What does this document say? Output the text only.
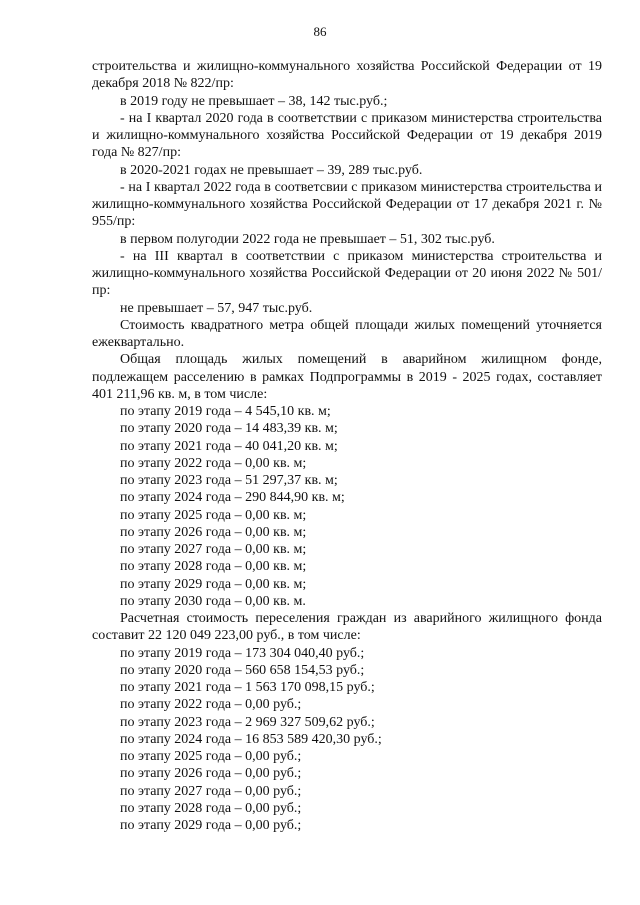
86

строительства и жилищно-коммунального хозяйства Российской Федерации от 19 декабря 2018 № 822/пр:

в 2019 году не превышает – 38, 142 тыс.руб.;

- на I квартал 2020 года в соответствии с приказом министерства строительства и жилищно-коммунального хозяйства Российской Федерации от 19 декабря 2019 года № 827/пр:

в 2020-2021 годах не превышает – 39, 289 тыс.руб.

- на I квартал 2022 года в соответсвии с приказом министерства строительства и жилищно-коммунального хозяйства Российской Федерации от 17 декабря 2021 г. № 955/пр:

в первом полугодии 2022 года не превышает – 51, 302 тыс.руб.

- на III квартал в соответствии с приказом министерства строительства и жилищно-коммунального хозяйства Российской Федерации от 20 июня 2022 № 501/пр:

не превышает – 57, 947 тыс.руб.

Стоимость квадратного метра общей площади жилых помещений уточняется ежеквартально.

Общая площадь жилых помещений в аварийном жилищном фонде, подлежащем расселению в рамках Подпрограммы в 2019 - 2025 годах, составляет 401 211,96 кв. м, в том числе:

по этапу 2019 года – 4 545,10 кв. м;

по этапу 2020 года – 14 483,39 кв. м;

по этапу 2021 года – 40 041,20 кв. м;

по этапу 2022 года – 0,00 кв. м;

по этапу 2023 года – 51 297,37 кв. м;

по этапу 2024 года – 290 844,90 кв. м;

по этапу 2025 года – 0,00 кв. м;

по этапу 2026 года – 0,00 кв. м;

по этапу 2027 года – 0,00 кв. м;

по этапу 2028 года – 0,00 кв. м;

по этапу 2029 года – 0,00 кв. м;

по этапу 2030 года – 0,00 кв. м.

Расчетная стоимость переселения граждан из аварийного жилищного фонда составит 22 120 049 223,00 руб., в том числе:

по этапу 2019 года – 173 304 040,40 руб.;

по этапу 2020 года – 560 658 154,53 руб.;

по этапу 2021 года – 1 563 170 098,15 руб.;

по этапу 2022 года – 0,00 руб.;

по этапу 2023 года – 2 969 327 509,62 руб.;

по этапу 2024 года – 16 853 589 420,30 руб.;

по этапу 2025 года – 0,00 руб.;

по этапу 2026 года – 0,00 руб.;

по этапу 2027 года – 0,00 руб.;

по этапу 2028 года – 0,00 руб.;

по этапу 2029 года – 0,00 руб.;
